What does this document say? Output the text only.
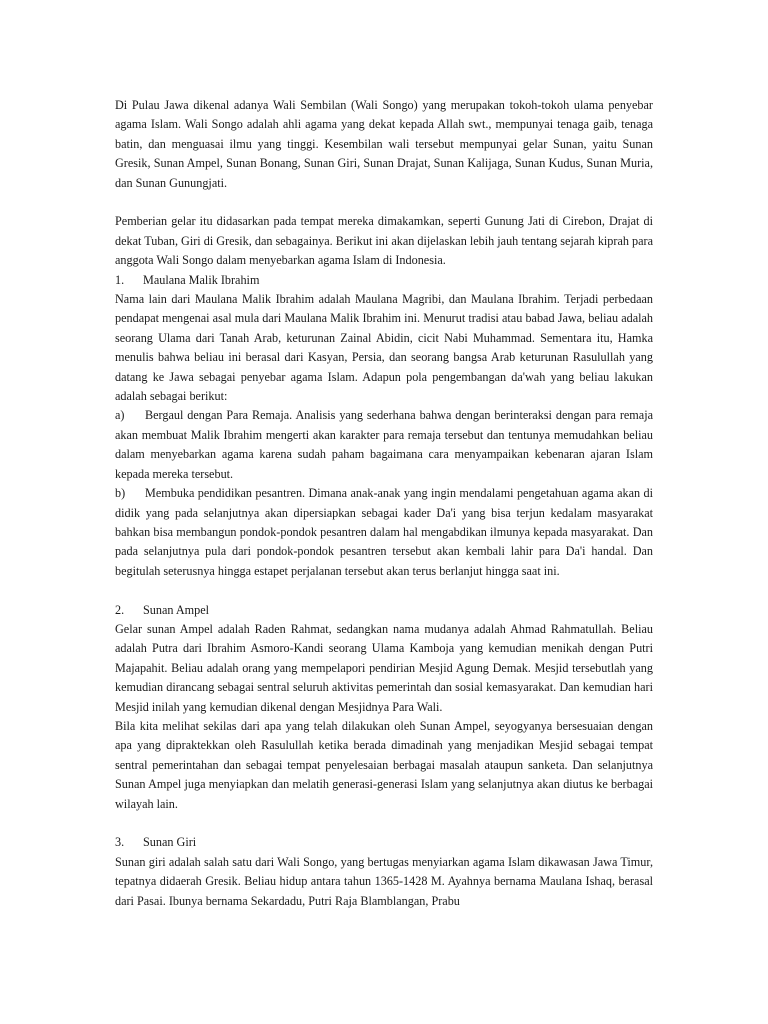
Di Pulau Jawa dikenal adanya Wali Sembilan (Wali Songo) yang merupakan tokoh-tokoh ulama penyebar agama Islam. Wali Songo adalah ahli agama yang dekat kepada Allah swt., mempunyai tenaga gaib, tenaga batin, dan menguasai ilmu yang tinggi. Kesembilan wali tersebut mempunyai gelar Sunan, yaitu Sunan Gresik, Sunan Ampel, Sunan Bonang, Sunan Giri, Sunan Drajat, Sunan Kalijaga, Sunan Kudus, Sunan Muria, dan Sunan Gunungjati.

Pemberian gelar itu didasarkan pada tempat mereka dimakamkan, seperti Gunung Jati di Cirebon, Drajat di dekat Tuban, Giri di Gresik, dan sebagainya. Berikut ini akan dijelaskan lebih jauh tentang sejarah kiprah para anggota Wali Songo dalam menyebarkan agama Islam di Indonesia.

1. Maulana Malik Ibrahim

Nama lain dari Maulana Malik Ibrahim adalah Maulana Magribi, dan Maulana Ibrahim. Terjadi perbedaan pendapat mengenai asal mula dari Maulana Malik Ibrahim ini. Menurut tradisi atau babad Jawa, beliau adalah seorang Ulama dari Tanah Arab, keturunan Zainal Abidin, cicit Nabi Muhammad. Sementara itu, Hamka menulis bahwa beliau ini berasal dari Kasyan, Persia, dan seorang bangsa Arab keturunan Rasulullah yang datang ke Jawa sebagai penyebar agama Islam. Adapun pola pengembangan da'wah yang beliau lakukan adalah sebagai berikut:

a) Bergaul dengan Para Remaja. Analisis yang sederhana bahwa dengan berinteraksi dengan para remaja akan membuat Malik Ibrahim mengerti akan karakter para remaja tersebut dan tentunya memudahkan beliau dalam menyebarkan agama karena sudah paham bagaimana cara menyampaikan kebenaran ajaran Islam kepada mereka tersebut.

b) Membuka pendidikan pesantren. Dimana anak-anak yang ingin mendalami pengetahuan agama akan di didik yang pada selanjutnya akan dipersiapkan sebagai kader Da'i yang bisa terjun kedalam masyarakat bahkan bisa membangun pondok-pondok pesantren dalam hal mengabdikan ilmunya kepada masyarakat. Dan pada selanjutnya pula dari pondok-pondok pesantren tersebut akan kembali lahir para Da'i handal. Dan begitulah seterusnya hingga estapet perjalanan tersebut akan terus berlanjut hingga saat ini.

2. Sunan Ampel

Gelar sunan Ampel adalah Raden Rahmat, sedangkan nama mudanya adalah Ahmad Rahmatullah. Beliau adalah Putra dari Ibrahim Asmoro-Kandi seorang Ulama Kamboja yang kemudian menikah dengan Putri Majapahit. Beliau adalah orang yang mempelapori pendirian Mesjid Agung Demak. Mesjid tersebutlah yang kemudian dirancang sebagai sentral seluruh aktivitas pemerintah dan sosial kemasyarakat. Dan kemudian hari Mesjid inilah yang kemudian dikenal dengan Mesjidnya Para Wali.

Bila kita melihat sekilas dari apa yang telah dilakukan oleh Sunan Ampel, seyogyanya bersesuaian dengan apa yang dipraktekkan oleh Rasulullah ketika berada dimadinah yang menjadikan Mesjid sebagai tempat sentral pemerintahan dan sebagai tempat penyelesaian berbagai masalah ataupun sanketa. Dan selanjutnya Sunan Ampel juga menyiapkan dan melatih generasi-generasi Islam yang selanjutnya akan diutus ke berbagai wilayah lain.

3. Sunan Giri

Sunan giri adalah salah satu dari Wali Songo, yang bertugas menyiarkan agama Islam dikawasan Jawa Timur, tepatnya didaerah Gresik. Beliau hidup antara tahun 1365-1428 M. Ayahnya bernama Maulana Ishaq, berasal dari Pasai. Ibunya bernama Sekardadu, Putri Raja Blamblangan, Prabu
